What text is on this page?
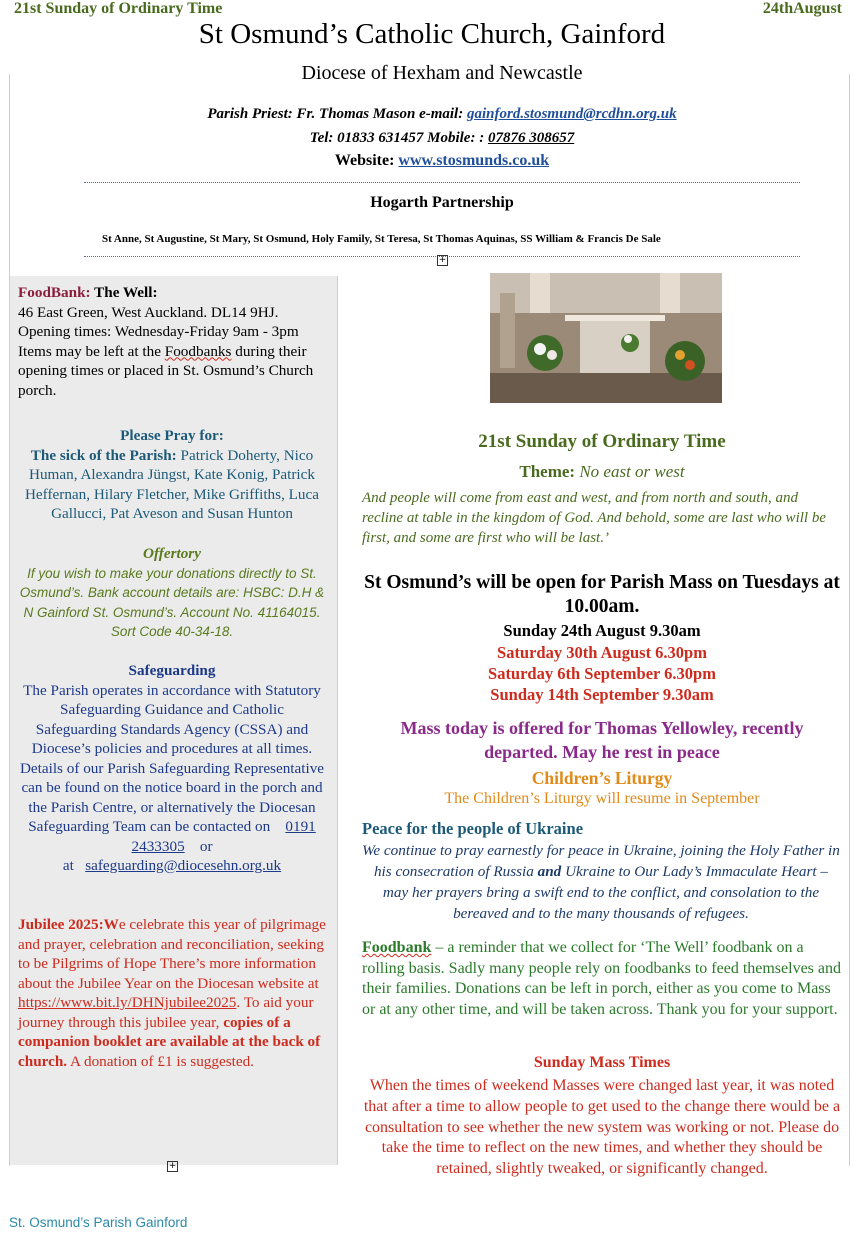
21st Sunday of Ordinary Time	24thAugust
St Osmund’s Catholic Church, Gainford
Diocese of Hexham and Newcastle
Parish Priest: Fr. Thomas Mason e-mail: gainford.stosmund@rcdhn.org.uk
Tel: 01833 631457 Mobile: : 07876 308657
Website: www.stosmunds.co.uk
Hogarth Partnership
St Anne, St Augustine, St Mary, St Osmund, Holy Family, St Teresa, St Thomas Aquinas, SS William & Francis De Sale
+
FoodBank: The Well:
46 East Green, West Auckland. DL14 9HJ. Opening times: Wednesday-Friday 9am - 3pm
Items may be left at the Foodbanks during their opening times or placed in St. Osmund’s Church porch.
Please Pray for:
The sick of the Parish: Patrick Doherty, Nico Human, Alexandra Jüngst, Kate Konig, Patrick Heffernan, Hilary Fletcher, Mike Griffiths, Luca Gallucci, Pat Aveson and Susan Hunton
Offertory
If you wish to make your donations directly to St. Osmund’s. Bank account details are: HSBC: D.H & N Gainford St. Osmund’s. Account No. 41164015. Sort Code 40-34-18.
Safeguarding
The Parish operates in accordance with Statutory Safeguarding Guidance and Catholic Safeguarding Standards Agency (CSSA) and Diocese’s policies and procedures at all times. Details of our Parish Safeguarding Representative can be found on the notice board in the porch and the Parish Centre, or alternatively the Diocesan Safeguarding Team can be contacted on 0191 2433305 or
at safeguarding@diocesehn.org.uk
Jubilee 2025:We celebrate this year of pilgrimage and prayer, celebration and reconciliation, seeking to be Pilgrims of Hope There’s more information about the Jubilee Year on the Diocesan website at https://www.bit.ly/DHNjubilee2025. To aid your journey through this jubilee year, copies of a companion booklet are available at the back of church. A donation of £1 is suggested.
+
21st Sunday of Ordinary Time
Theme: No east or west
And people will come from east and west, and from north and south, and recline at table in the kingdom of God. And behold, some are last who will be first, and some are first who will be last.’
St Osmund’s will be open for Parish Mass on Tuesdays at 10.00am.
Sunday 24th August 9.30am
Saturday 30th August 6.30pm
Saturday 6th September 6.30pm
Sunday 14th September 9.30am
Mass today is offered for Thomas Yellowley, recently departed. May he rest in peace
Children’s Liturgy
The Children’s Liturgy will resume in September
Peace for the people of Ukraine
We continue to pray earnestly for peace in Ukraine, joining the Holy Father in his consecration of Russia and Ukraine to Our Lady’s Immaculate Heart – may her prayers bring a swift end to the conflict, and consolation to the bereaved and to the many thousands of refugees.
Foodbank – a reminder that we collect for ‘The Well’ foodbank on a rolling basis. Sadly many people rely on foodbanks to feed themselves and their families. Donations can be left in porch, either as you come to Mass or at any other time, and will be taken across. Thank you for your support.
Sunday Mass Times
When the times of weekend Masses were changed last year, it was noted that after a time to allow people to get used to the change there would be a consultation to see whether the new system was working or not. Please do take the time to reflect on the new times, and whether they should be retained, slightly tweaked, or significantly changed.
St. Osmund’s Parish Gainford
